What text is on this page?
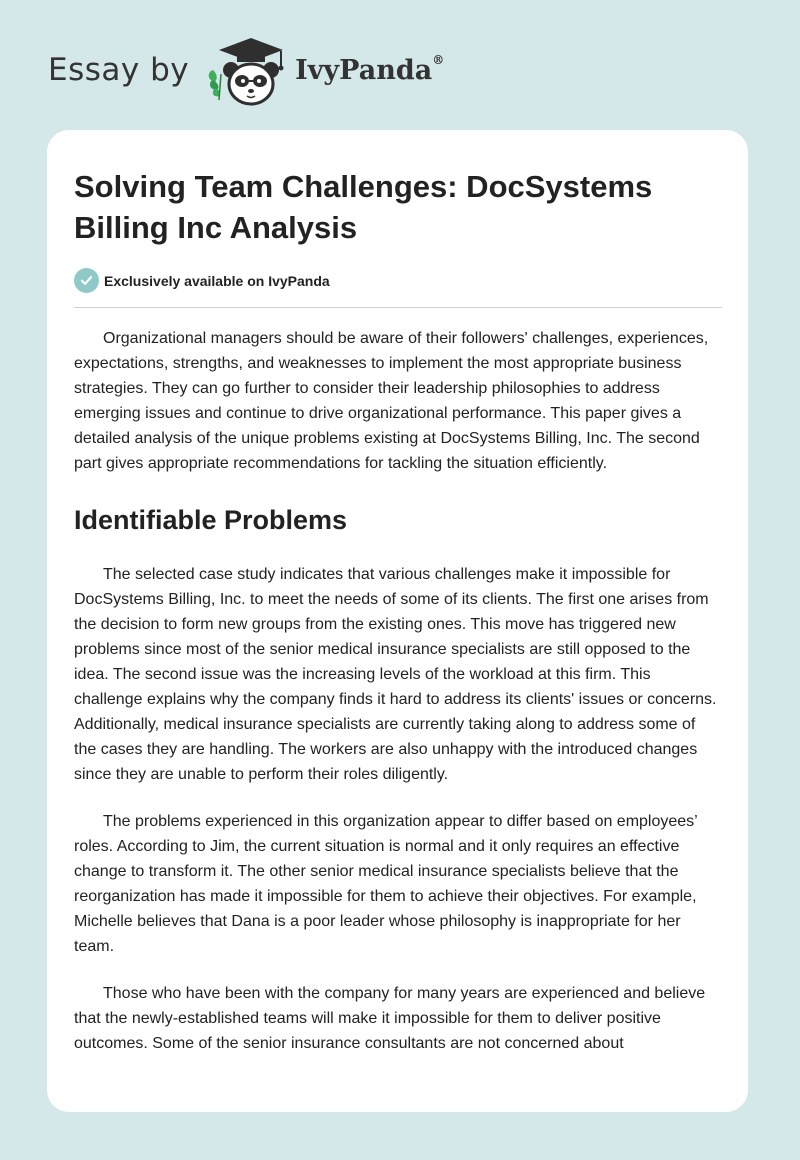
Essay by	IvyPanda®
Solving Team Challenges: DocSystems Billing Inc Analysis
Exclusively available on IvyPanda

Organizational managers should be aware of their followers' challenges, experiences, expectations, strengths, and weaknesses to implement the most appropriate business strategies. They can go further to consider their leadership philosophies to address emerging issues and continue to drive organizational performance. This paper gives a detailed analysis of the unique problems existing at DocSystems Billing, Inc. The second part gives appropriate recommendations for tackling the situation efficiently.

Identifiable Problems

The selected case study indicates that various challenges make it impossible for DocSystems Billing, Inc. to meet the needs of some of its clients. The first one arises from the decision to form new groups from the existing ones. This move has triggered new problems since most of the senior medical insurance specialists are still opposed to the idea. The second issue was the increasing levels of the workload at this firm. This challenge explains why the company finds it hard to address its clients' issues or concerns. Additionally, medical insurance specialists are currently taking along to address some of the cases they are handling. The workers are also unhappy with the introduced changes since they are unable to perform their roles diligently.

The problems experienced in this organization appear to differ based on employees’ roles. According to Jim, the current situation is normal and it only requires an effective change to transform it. The other senior medical insurance specialists believe that the reorganization has made it impossible for them to achieve their objectives. For example, Michelle believes that Dana is a poor leader whose philosophy is inappropriate for her team.

Those who have been with the company for many years are experienced and believe that the newly-established teams will make it impossible for them to deliver positive outcomes. Some of the senior insurance consultants are not concerned about
